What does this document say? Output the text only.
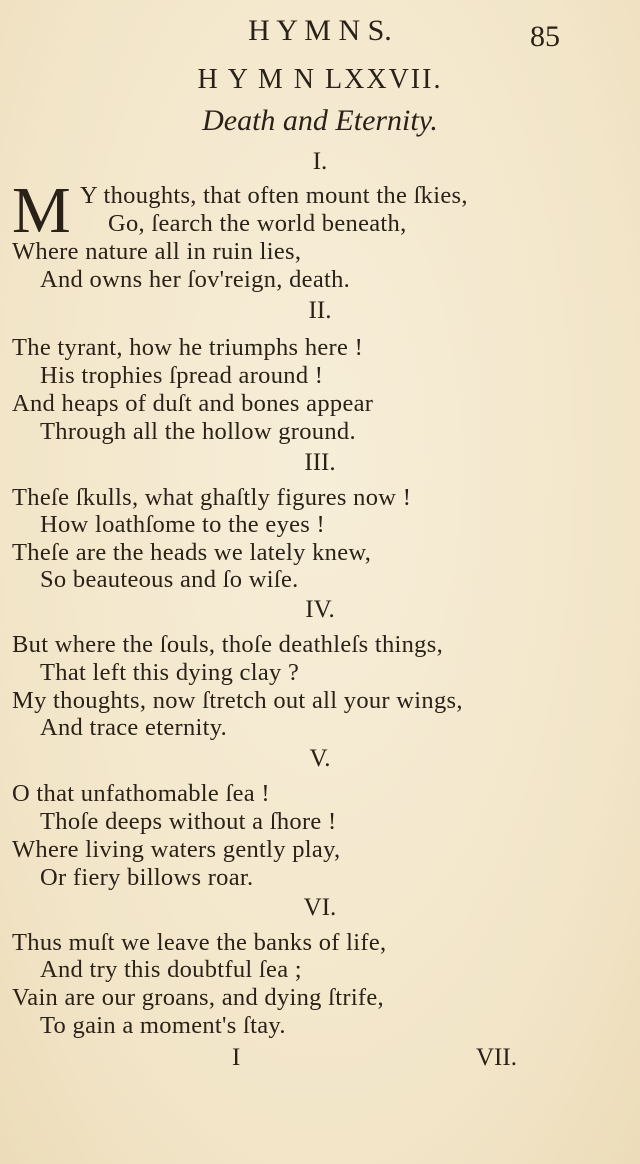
H Y M N S.	85
H Y M N LXXVII.
Death and Eternity.
I.
M Y thoughts, that often mount the ſkies,
Go, ſearch the world beneath,
Where nature all in ruin lies,
And owns her ſov'reign, death.
II.
The tyrant, how he triumphs here !
His trophies ſpread around !
And heaps of duſt and bones appear
Through all the hollow ground.
III.
Theſe ſkulls, what ghaſtly figures now !
How loathſome to the eyes !
Theſe are the heads we lately knew,
So beauteous and ſo wiſe.
IV.
But where the ſouls, thoſe deathleſs things,
That left this dying clay ?
My thoughts, now ſtretch out all your wings,
And trace eternity.
V.
O that unfathomable ſea !
Thoſe deeps without a ſhore !
Where living waters gently play,
Or fiery billows roar.
VI.
Thus muſt we leave the banks of life,
And try this doubtful ſea ;
Vain are our groans, and dying ſtrife,
To gain a moment's ſtay.
I	VII.
